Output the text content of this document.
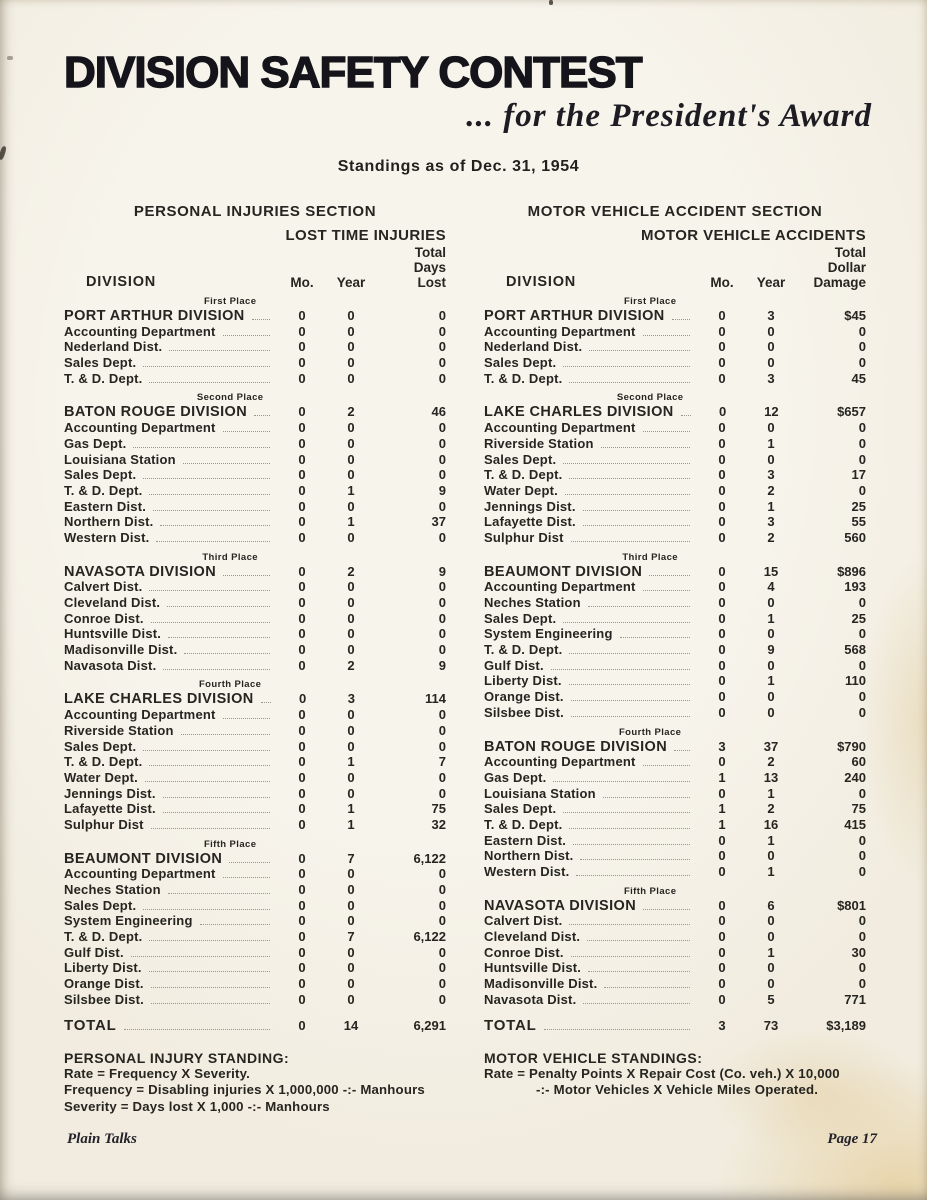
DIVISION SAFETY CONTEST
... for the President's Award
Standings as of Dec. 31, 1954
PERSONAL INJURIES SECTION
LOST TIME INJURIES
DIVISION	Mo.	Year
Total
Days
Lost
First Place
PORT ARTHUR DIVISION	0	0	0
Accounting Department	0	0	0
Nederland Dist.	0	0	0
Sales Dept.	0	0	0
T. & D. Dept.	0	0	0
Second Place
BATON ROUGE DIVISION	0	2	46
Accounting Department	0	0	0
Gas Dept.	0	0	0
Louisiana Station	0	0	0
Sales Dept.	0	0	0
T. & D. Dept.	0	1	9
Eastern Dist.	0	0	0
Northern Dist.	0	1	37
Western Dist.	0	0	0
Third Place
NAVASOTA DIVISION	0	2	9
Calvert Dist.	0	0	0
Cleveland Dist.	0	0	0
Conroe Dist.	0	0	0
Huntsville Dist.	0	0	0
Madisonville Dist.	0	0	0
Navasota Dist.	0	2	9
Fourth Place
LAKE CHARLES DIVISION	0	3	114
Accounting Department	0	0	0
Riverside Station	0	0	0
Sales Dept.	0	0	0
T. & D. Dept.	0	1	7
Water Dept.	0	0	0
Jennings Dist.	0	0	0
Lafayette Dist.	0	1	75
Sulphur Dist	0	1	32
Fifth Place
BEAUMONT DIVISION	0	7	6,122
Accounting Department	0	0	0
Neches Station	0	0	0
Sales Dept.	0	0	0
System Engineering	0	0	0
T. & D. Dept.	0	7	6,122
Gulf Dist.	0	0	0
Liberty Dist.	0	0	0
Orange Dist.	0	0	0
Silsbee Dist.	0	0	0
TOTAL	0	14	6,291
PERSONAL INJURY STANDING:
Rate = Frequency X Severity.
Frequency = Disabling injuries X 1,000,000 -:- Manhours
Severity = Days lost X 1,000 -:- Manhours
MOTOR VEHICLE ACCIDENT SECTION
MOTOR VEHICLE ACCIDENTS
DIVISION	Mo.	Year
Total
Dollar
Damage
First Place
PORT ARTHUR DIVISION	0	3	$45
Accounting Department	0	0	0
Nederland Dist.	0	0	0
Sales Dept.	0	0	0
T. & D. Dept.	0	3	45
Second Place
LAKE CHARLES DIVISION	0	12	$657
Accounting Department	0	0	0
Riverside Station	0	1	0
Sales Dept.	0	0	0
T. & D. Dept.	0	3	17
Water Dept.	0	2	0
Jennings Dist.	0	1	25
Lafayette Dist.	0	3	55
Sulphur Dist	0	2	560
Third Place
BEAUMONT DIVISION	0	15	$896
Accounting Department	0	4	193
Neches Station	0	0	0
Sales Dept.	0	1	25
System Engineering	0	0	0
T. & D. Dept.	0	9	568
Gulf Dist.	0	0	0
Liberty Dist.	0	1	110
Orange Dist.	0	0	0
Silsbee Dist.	0	0	0
Fourth Place
BATON ROUGE DIVISION	3	37	$790
Accounting Department	0	2	60
Gas Dept.	1	13	240
Louisiana Station	0	1	0
Sales Dept.	1	2	75
T. & D. Dept.	1	16	415
Eastern Dist.	0	1	0
Northern Dist.	0	0	0
Western Dist.	0	1	0
Fifth Place
NAVASOTA DIVISION	0	6	$801
Calvert Dist.	0	0	0
Cleveland Dist.	0	0	0
Conroe Dist.	0	1	30
Huntsville Dist.	0	0	0
Madisonville Dist.	0	0	0
Navasota Dist.	0	5	771
TOTAL	3	73	$3,189
MOTOR VEHICLE STANDINGS:
Rate = Penalty Points X Repair Cost (Co. veh.) X 10,000
-:- Motor Vehicles X Vehicle Miles Operated.
Plain Talks	Page 17
